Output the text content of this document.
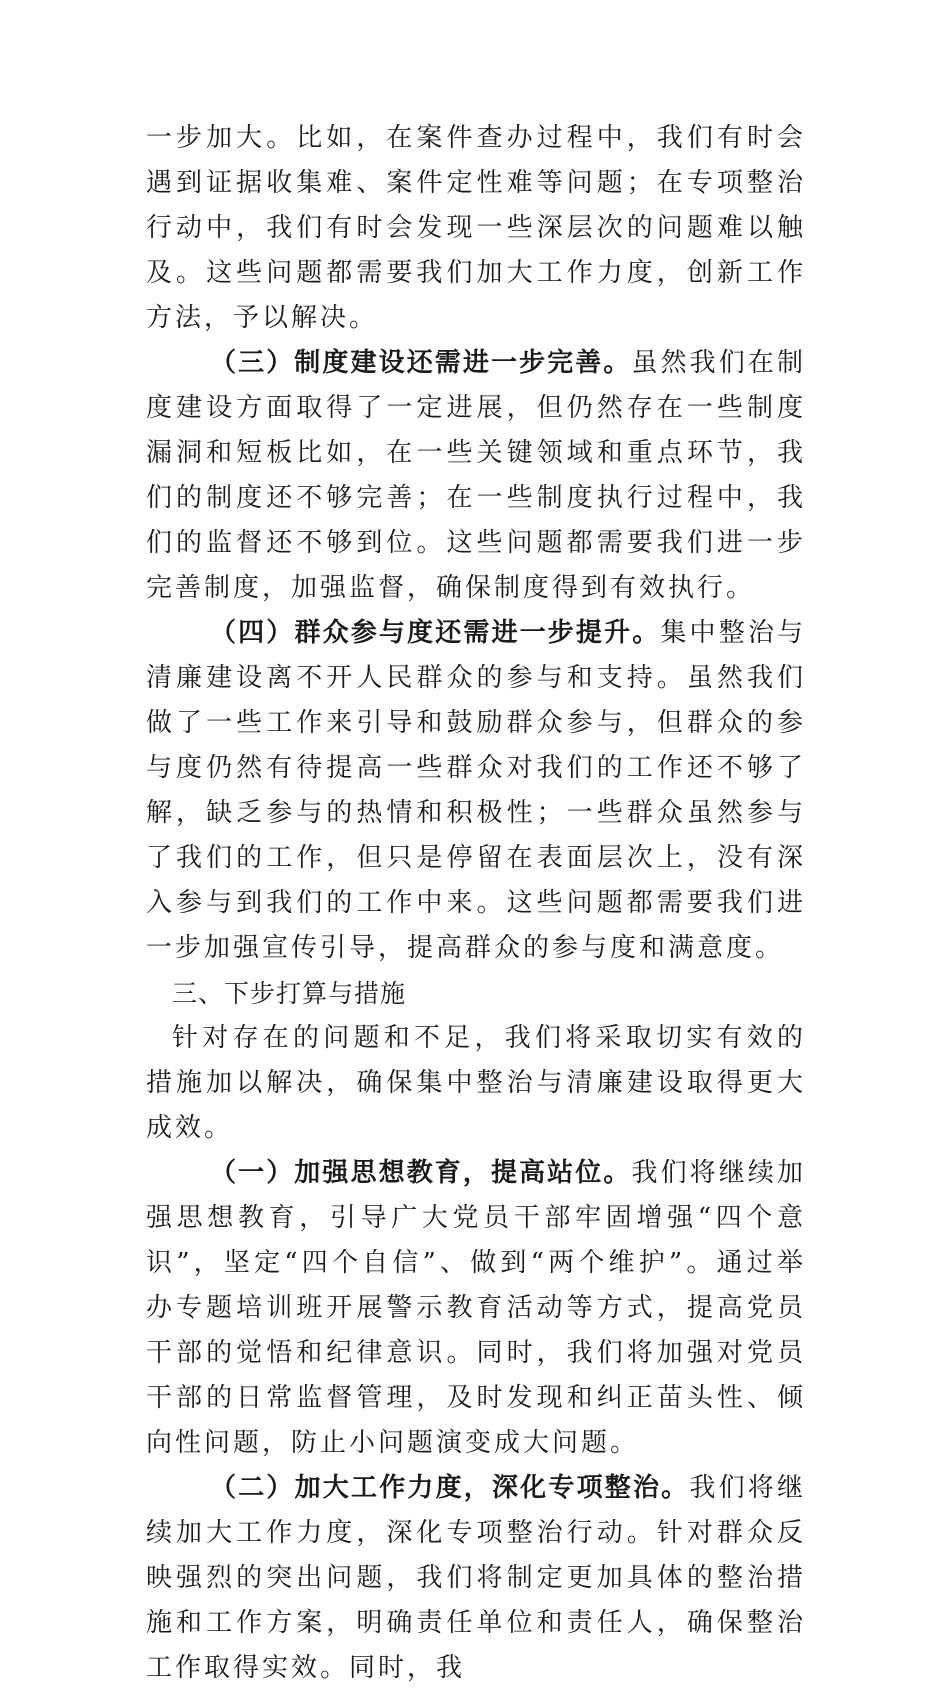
一步加大。比如，在案件查办过程中，我们有时会遇到证据收集难、案件定性难等问题；在专项整治行动中，我们有时会发现一些深层次的问题难以触及。这些问题都需要我们加大工作力度，创新工作方法，予以解决。

（三）制度建设还需进一步完善。虽然我们在制度建设方面取得了一定进展，但仍然存在一些制度漏洞和短板比如，在一些关键领域和重点环节，我们的制度还不够完善；在一些制度执行过程中，我们的监督还不够到位。这些问题都需要我们进一步完善制度，加强监督，确保制度得到有效执行。

（四）群众参与度还需进一步提升。集中整治与清廉建设离不开人民群众的参与和支持。虽然我们做了一些工作来引导和鼓励群众参与，但群众的参与度仍然有待提高一些群众对我们的工作还不够了解，缺乏参与的热情和积极性；一些群众虽然参与了我们的工作，但只是停留在表面层次上，没有深入参与到我们的工作中来。这些问题都需要我们进一步加强宣传引导，提高群众的参与度和满意度。

三、下步打算与措施

针对存在的问题和不足，我们将采取切实有效的措施加以解决，确保集中整治与清廉建设取得更大成效。

（一）加强思想教育，提高站位。我们将继续加强思想教育，引导广大党员干部牢固增强“四个意识”，坚定“四个自信”、做到“两个维护”。通过举办专题培训班开展警示教育活动等方式，提高党员干部的觉悟和纪律意识。同时，我们将加强对党员干部的日常监督管理，及时发现和纠正苗头性、倾向性问题，防止小问题演变成大问题。

（二）加大工作力度，深化专项整治。我们将继续加大工作力度，深化专项整治行动。针对群众反映强烈的突出问题，我们将制定更加具体的整治措施和工作方案，明确责任单位和责任人，确保整治工作取得实效。同时，我
